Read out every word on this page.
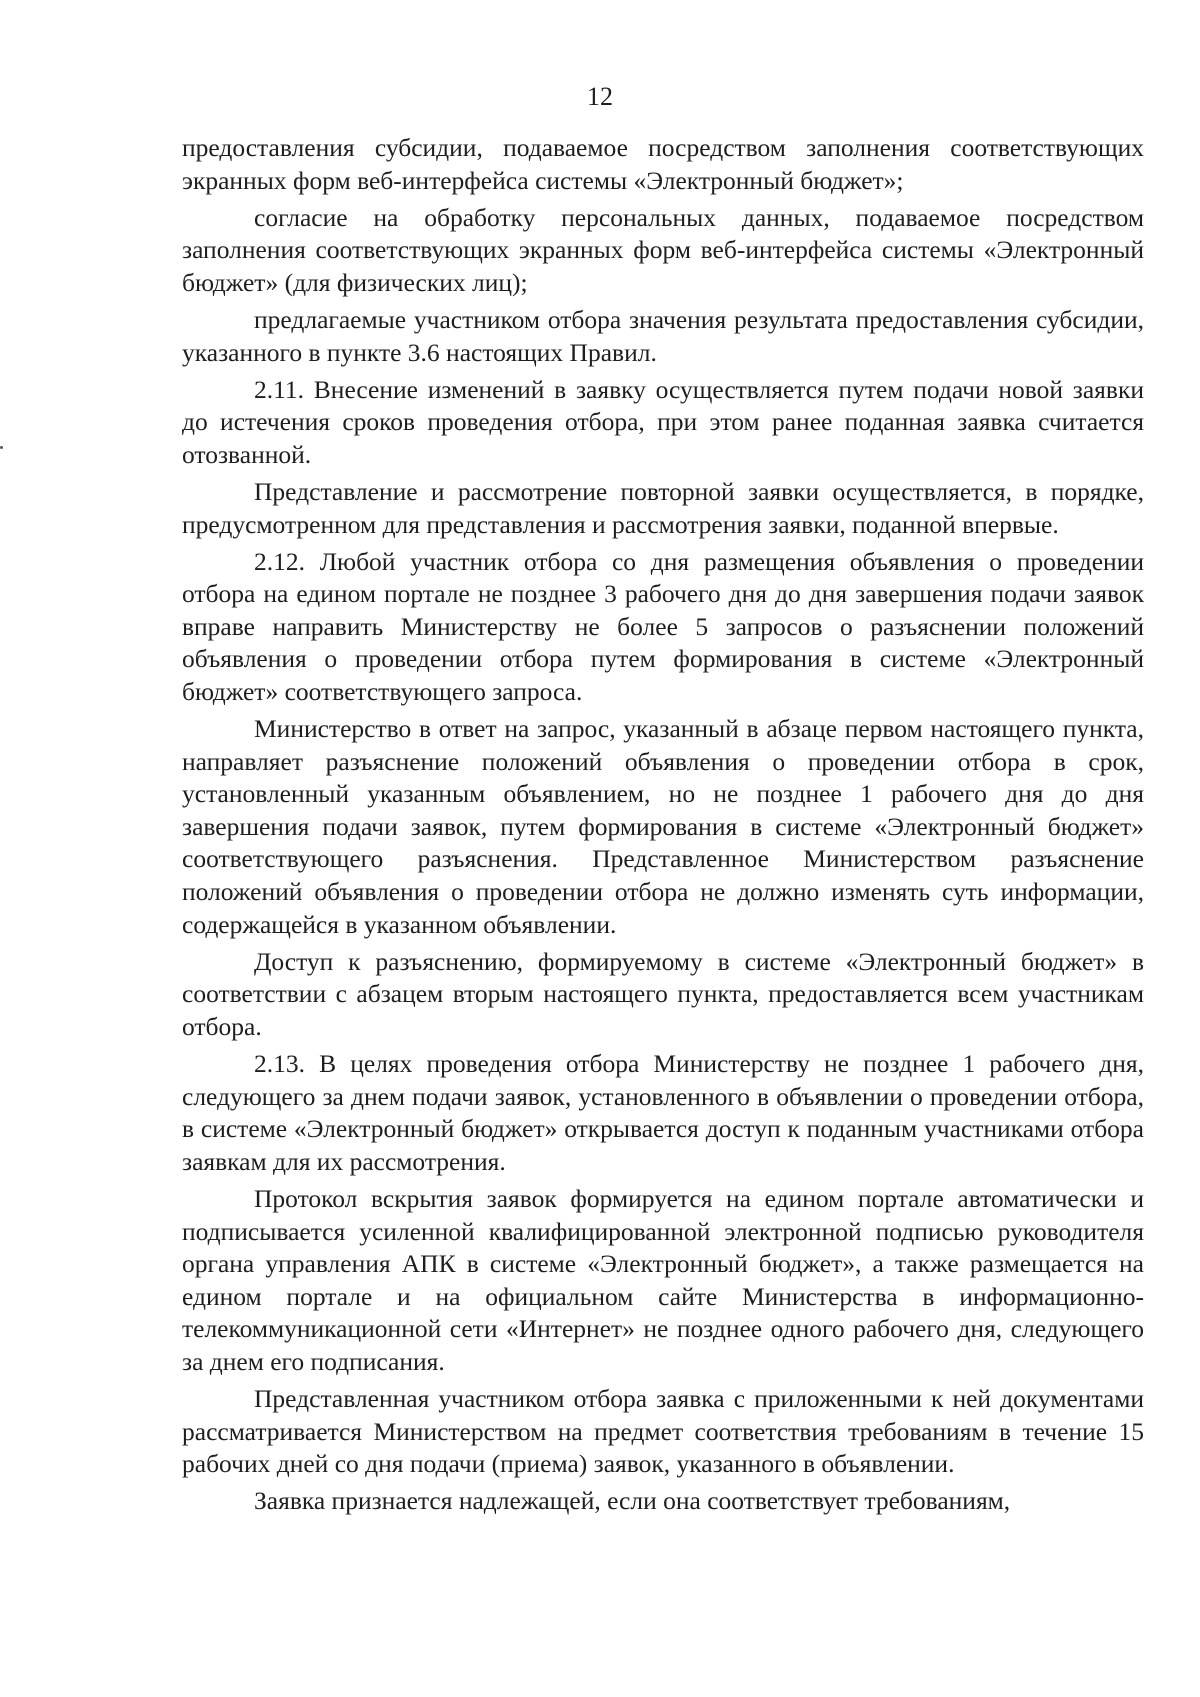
12

предоставления субсидии, подаваемое посредством заполнения соответствующих экранных форм веб-интерфейса системы «Электронный бюджет»;

согласие на обработку персональных данных, подаваемое посредством заполнения соответствующих экранных форм веб-интерфейса системы «Электронный бюджет» (для физических лиц);

предлагаемые участником отбора значения результата предоставления субсидии, указанного в пункте 3.6 настоящих Правил.

2.11. Внесение изменений в заявку осуществляется путем подачи новой заявки до истечения сроков проведения отбора, при этом ранее поданная заявка считается отозванной.

Представление и рассмотрение повторной заявки осуществляется, в порядке, предусмотренном для представления и рассмотрения заявки, поданной впервые.

2.12. Любой участник отбора со дня размещения объявления о проведении отбора на едином портале не позднее 3 рабочего дня до дня завершения подачи заявок вправе направить Министерству не более 5 запросов о разъяснении положений объявления о проведении отбора путем формирования в системе «Электронный бюджет» соответствующего запроса.

Министерство в ответ на запрос, указанный в абзаце первом настоящего пункта, направляет разъяснение положений объявления о проведении отбора в срок, установленный указанным объявлением, но не позднее 1 рабочего дня до дня завершения подачи заявок, путем формирования в системе «Электронный бюджет» соответствующего разъяснения. Представленное Министерством разъяснение положений объявления о проведении отбора не должно изменять суть информации, содержащейся в указанном объявлении.

Доступ к разъяснению, формируемому в системе «Электронный бюджет» в соответствии с абзацем вторым настоящего пункта, предоставляется всем участникам отбора.

2.13. В целях проведения отбора Министерству не позднее 1 рабочего дня, следующего за днем подачи заявок, установленного в объявлении о проведении отбора, в системе «Электронный бюджет» открывается доступ к поданным участниками отбора заявкам для их рассмотрения.

Протокол вскрытия заявок формируется на едином портале автоматически и подписывается усиленной квалифицированной электронной подписью руководителя органа управления АПК в системе «Электронный бюджет», а также размещается на едином портале и на официальном сайте Министерства в информационно-телекоммуникационной сети «Интернет» не позднее одного рабочего дня, следующего за днем его подписания.

Представленная участником отбора заявка с приложенными к ней документами рассматривается Министерством на предмет соответствия требованиям в течение 15 рабочих дней со дня подачи (приема) заявок, указанного в объявлении.

Заявка признается надлежащей, если она соответствует требованиям,
